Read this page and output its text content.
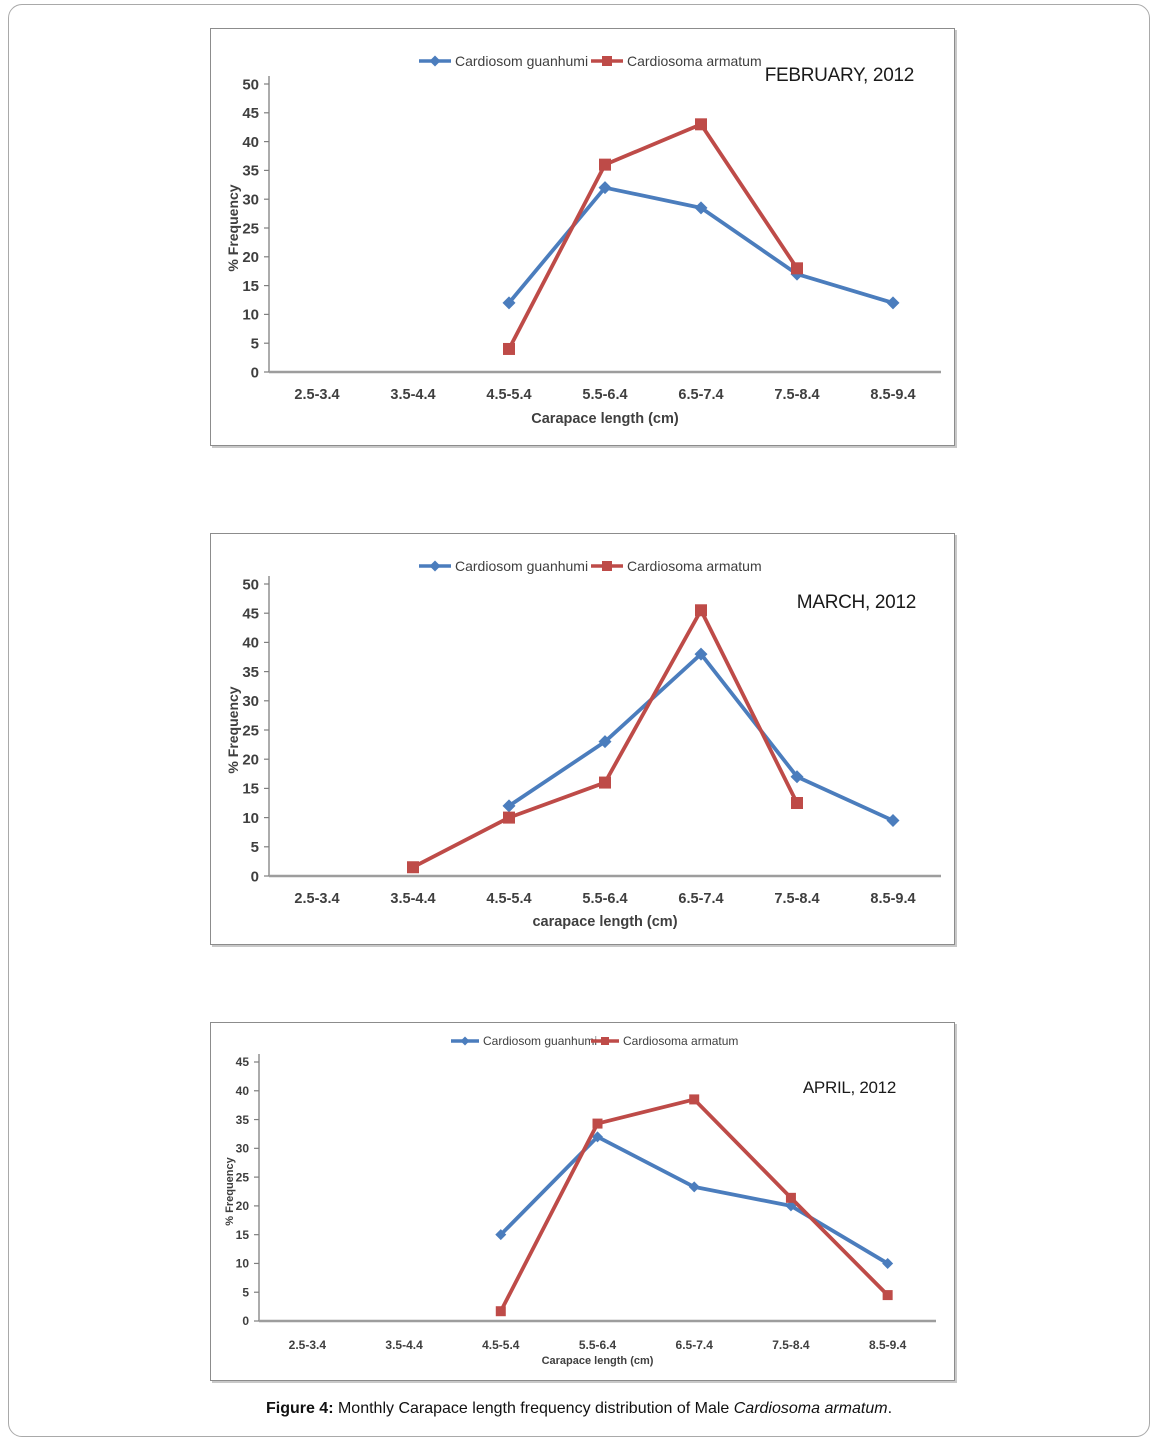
0
5
10
15
20
25
30
35
40
45
50
2.5-3.4	3.5-4.4	4.5-5.4	5.5-6.4	6.5-7.4	7.5-8.4	8.5-9.4
Carapace length (cm)
% Frequency
FEBRUARY, 2012
Cardiosom guanhumi	Cardiosoma armatum
0
5
10
15
20
25
30
35
40
45
50
2.5-3.4	3.5-4.4	4.5-5.4	5.5-6.4	6.5-7.4	7.5-8.4	8.5-9.4
carapace length (cm)
% Frequency
MARCH, 2012
Cardiosom guanhumi	Cardiosoma armatum
0
5
10
15
20
25
30
35
40
45
2.5-3.4	3.5-4.4	4.5-5.4	5.5-6.4	6.5-7.4	7.5-8.4	8.5-9.4
Carapace length (cm)
% Frequency
APRIL, 2012
Cardiosom guanhumi Cardiosoma armatum
Figure 4: Monthly Carapace length frequency distribution of Male Cardiosoma armatum.
